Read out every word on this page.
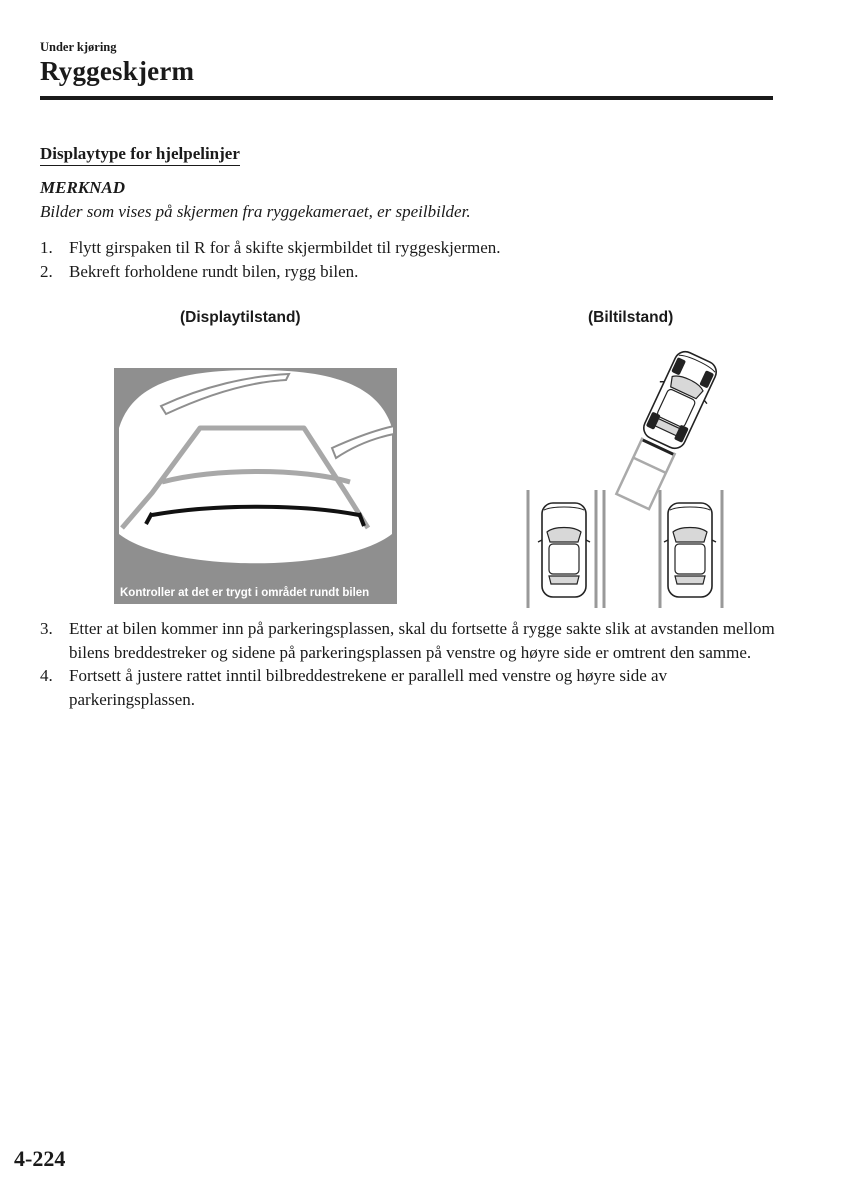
Under kjøring
Ryggeskjerm
Displaytype for hjelpelinjer
MERKNAD
Bilder som vises på skjermen fra ryggekameraet, er speilbilder.
1. Flytt girspaken til R for å skifte skjermbildet til ryggeskjermen.
2. Bekreft forholdene rundt bilen, rygg bilen.
(Displaytilstand)	(Biltilstand)
Kontroller at det er trygt i området rundt bilen
3. Etter at bilen kommer inn på parkeringsplassen, skal du fortsette å rygge sakte slik at avstanden mellom bilens breddestreker og sidene på parkeringsplassen på venstre og høyre side er omtrent den samme.
4. Fortsett å justere rattet inntil bilbreddestrekene er parallell med venstre og høyre side av parkeringsplassen.
4-224
